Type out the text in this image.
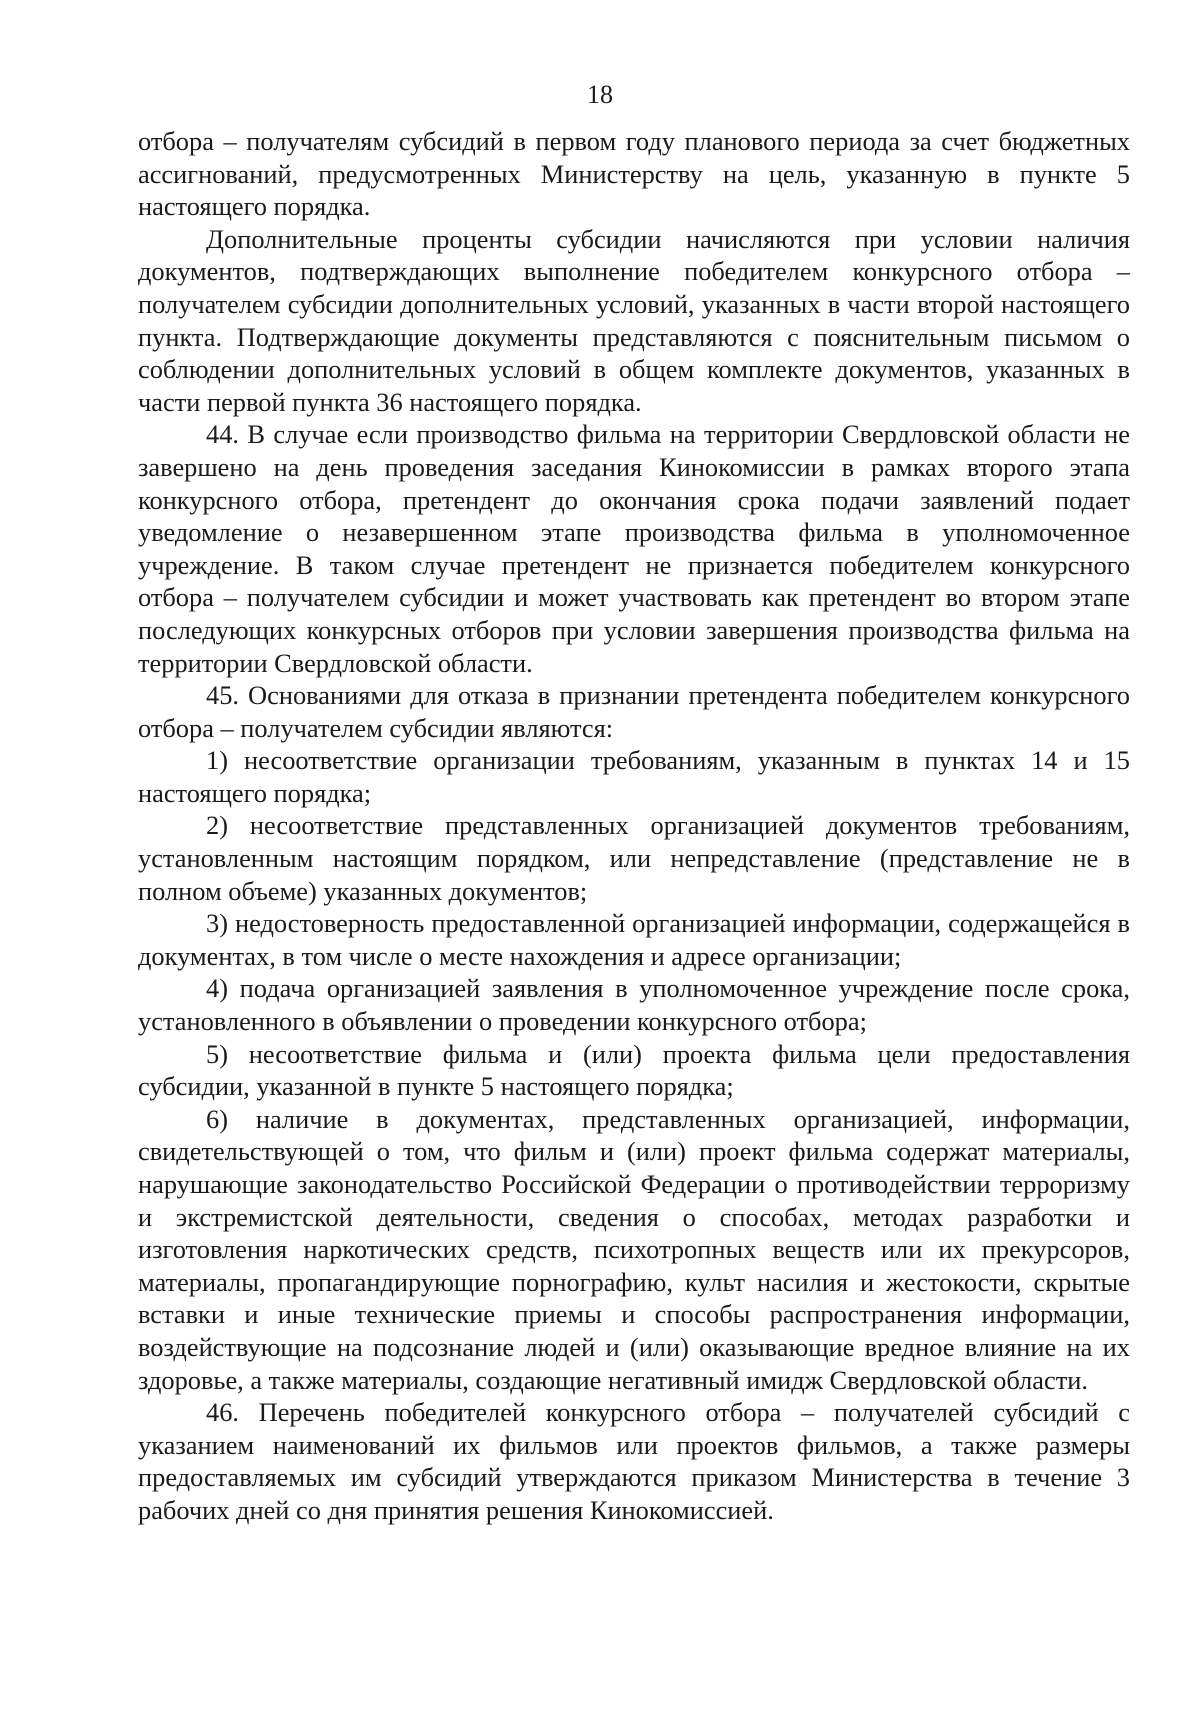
18

отбора – получателям субсидий в первом году планового периода за счет бюджетных ассигнований, предусмотренных Министерству на цель, указанную в пункте 5 настоящего порядка.

Дополнительные проценты субсидии начисляются при условии наличия документов, подтверждающих выполнение победителем конкурсного отбора – получателем субсидии дополнительных условий, указанных в части второй настоящего пункта. Подтверждающие документы представляются с пояснительным письмом о соблюдении дополнительных условий в общем комплекте документов, указанных в части первой пункта 36 настоящего порядка.

44. В случае если производство фильма на территории Свердловской области не завершено на день проведения заседания Кинокомиссии в рамках второго этапа конкурсного отбора, претендент до окончания срока подачи заявлений подает уведомление о незавершенном этапе производства фильма в уполномоченное учреждение. В таком случае претендент не признается победителем конкурсного отбора – получателем субсидии и может участвовать как претендент во втором этапе последующих конкурсных отборов при условии завершения производства фильма на территории Свердловской области.

45. Основаниями для отказа в признании претендента победителем конкурсного отбора – получателем субсидии являются:

1) несоответствие организации требованиям, указанным в пунктах 14 и 15 настоящего порядка;

2) несоответствие представленных организацией документов требованиям, установленным настоящим порядком, или непредставление (представление не в полном объеме) указанных документов;

3) недостоверность предоставленной организацией информации, содержащейся в документах, в том числе о месте нахождения и адресе организации;

4) подача организацией заявления в уполномоченное учреждение после срока, установленного в объявлении о проведении конкурсного отбора;

5) несоответствие фильма и (или) проекта фильма цели предоставления субсидии, указанной в пункте 5 настоящего порядка;

6) наличие в документах, представленных организацией, информации, свидетельствующей о том, что фильм и (или) проект фильма содержат материалы, нарушающие законодательство Российской Федерации о противодействии терроризму и экстремистской деятельности, сведения о способах, методах разработки и изготовления наркотических средств, психотропных веществ или их прекурсоров, материалы, пропагандирующие порнографию, культ насилия и жестокости, скрытые вставки и иные технические приемы и способы распространения информации, воздействующие на подсознание людей и (или) оказывающие вредное влияние на их здоровье, а также материалы, создающие негативный имидж Свердловской области.

46. Перечень победителей конкурсного отбора – получателей субсидий с указанием наименований их фильмов или проектов фильмов, а также размеры предоставляемых им субсидий утверждаются приказом Министерства в течение 3 рабочих дней со дня принятия решения Кинокомиссией.
